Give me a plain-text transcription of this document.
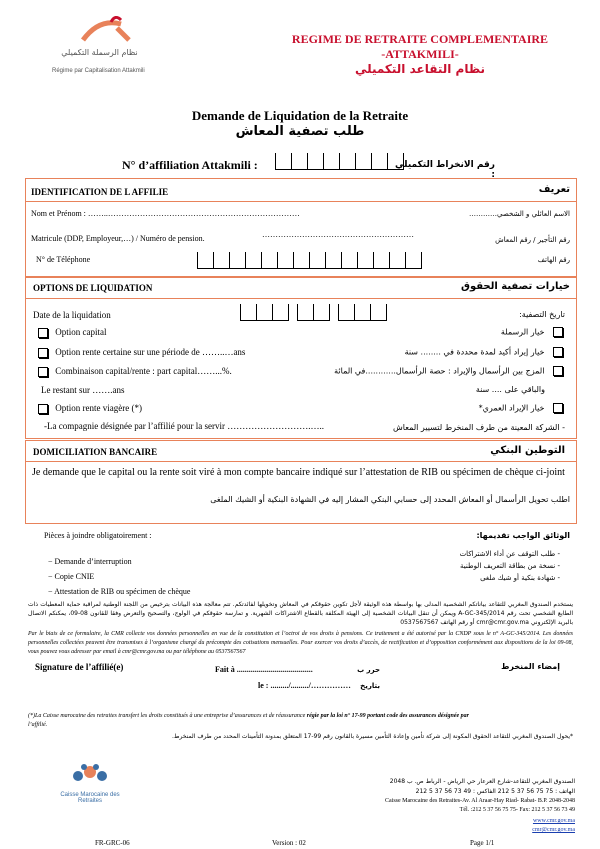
نظام الرسملة التكميلي
Régime par Capitalisation Attakmili
REGIME DE RETRAITE COMPLEMENTAIRE
-ATTAKMILI-
نظام التقاعد التكميلي
Demande de Liquidation de la Retraite
طلب تصفية المعاش
N° d’affiliation Attakmili :	رقم الانخراط التكميلي :
IDENTIFICATION DE L AFFILIE	تعريف
Nom et Prénom : ……..………………………………………………………………	الاسم العائلي و الشخصي…………
Matricule (DDP, Employeur,…) / Numéro de pension.	…………………………………………………
رقم التأجير / رقم المعاش
N° de Téléphone	رقم الهاتف
OPTIONS DE LIQUIDATION	خيارات تصفية الحقوق
Date de la liquidation	تاريخ التصفية:
Option capital	خيار الرسملة
Option rente certaine sur une période de ……..…ans	خيار إيراد أكيد لمدة محددة في ........ سنة
Combinaison capital/rente : part capital……...%.	المزج بين الرأسمال والإيراد : حصة الرأسمال............في المائة
Le restant sur …….ans	والباقي على .... سنة
Option rente viagère (*)	خيار الإيراد العمري*
-La compagnie désignée par l’affilié pour la servir ……………………….…..	- الشركة المعينة من طرف المنخرط لتسيير المعاش
DOMICILIATION BANCAIRE	التوطين البنكي
Je demande que le capital ou la rente soit viré à mon compte bancaire indiqué sur l’attestation de RIB ou spécimen de chèque ci-joint
اطلب تحويل الرأسمال أو المعاش المحدد إلى حسابي البنكي المشار إليه في الشهادة البنكية أو الشيك الملغى
Pièces à joindre obligatoirement :	الوثائق الواجب تقديمها:
− Demande d’interruption
− Copie CNIE
− Attestation de RIB ou spécimen de chèque
- طلب التوقف عن أداء الاشتراكات
- نسخة من بطاقة التعريف الوطنية
- شهادة بنكية أو شيك ملغى
يستخدم الصندوق المغربي للتقاعد بياناتكم الشخصية المدلى بها بواسطة هذه الوثيقة لأجل تكوين حقوقكم في المعاش وتخويلها لفائدتكم. تتم معالجة هذه البيانات بترخيص من اللجنة الوطنية لمراقبة حماية المعطيات ذات الطابع الشخصي تحت رقم A-GC-345/2014 ويمكن أن تنقل البيانات الشخصية إلى الهيئة المكلفة بالقطاع الاشتراكات الشهرية. و تمارسة حقوقكم في الولوج، والتصحيح والتعرض وفقا للقانون 08-09، يمكنكم الاتصال بالبريد الإلكتروني cmr@cmr.gov.ma أو رقم الهاتف 0537567567
Par le biais de ce formulaire, la CMR collecte vos données personnelles en vue de la constitution et l’octroi de vos droits à pensions. Ce traitement a été autorisé par la CNDP sous le n° A-GC-345/2014. Les données personnelles collectées peuvent être transmises à l’organisme chargé du précompte des cotisations mensuelles. Pour exercer vos droits d’accès, de rectification et d’opposition conformément aux dispositions de la loi 09-08, vous pouvez vous adresser par email à cmr@cmr.gov.ma ou par téléphone au 0537567567
Signature de l’affilié(e)	Fait à ......................................	حرر ب
le : ........./........./……………	بتاريخ
إمضاء المنخرط
(*)La Caisse marocaine des retraites transfert les droits constitués à une entreprise d’assurances et de réassurance régie par la loi n° 17-99 portant code des assurances désignée par
l’affilié.
*يحول الصندوق المغربي للتقاعد الحقوق المكونة إلى شركة تأمين وإعادة التأمين مسيرة بالقانون رقم 99-17 المتعلق بمدونة التأمينات المحدد من طرف المنخرط.
Caisse Marocaine des Retraites
الصندوق المغربي للتقاعد-شارع العرعار حي الرياض - الرباط ص. ب 2048
الهاتف : 75 75 56 37 5 212 الفاكس : 49 73 56 37 5 212
Caisse Marocaine des Retraites-Av. Al Araar-Hay Riad- Rabat- B.P. 2048-2048
Tél. :212 5 37 56 75 75- Fax: 212 5 37 56 73 49
www.cmr.gov.ma
cmr@cmr.gov.ma
FR-GRC-06	Version : 02	Page 1/1
